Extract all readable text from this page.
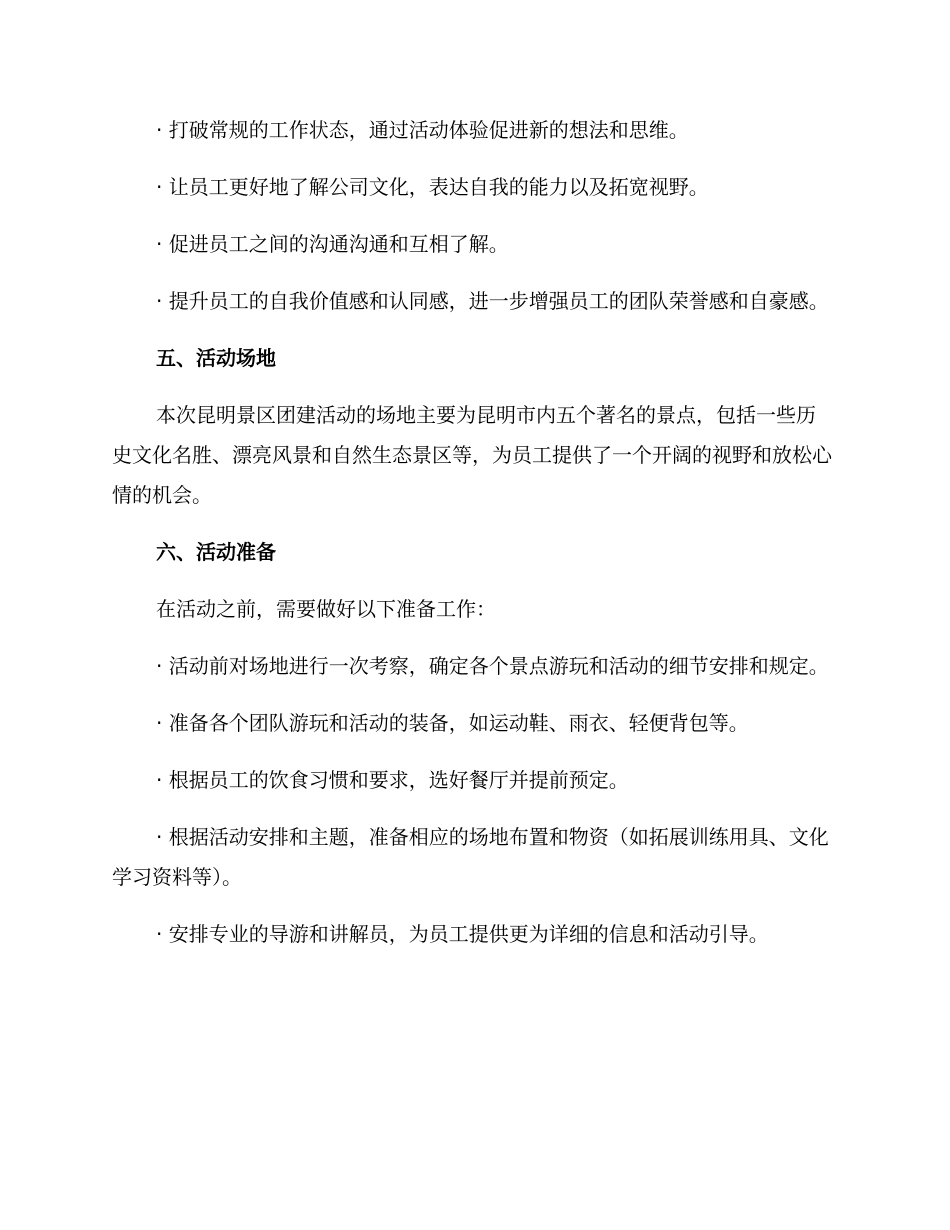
· 打破常规的工作状态，通过活动体验促进新的想法和思维。

· 让员工更好地了解公司文化，表达自我的能力以及拓宽视野。

· 促进员工之间的沟通沟通和互相了解。

· 提升员工的自我价值感和认同感，进一步增强员工的团队荣誉感和自豪感。

五、活动场地

本次昆明景区团建活动的场地主要为昆明市内五个著名的景点，包括一些历史文化名胜、漂亮风景和自然生态景区等，为员工提供了一个开阔的视野和放松心情的机会。

六、活动准备

在活动之前，需要做好以下准备工作：

· 活动前对场地进行一次考察，确定各个景点游玩和活动的细节安排和规定。

· 准备各个团队游玩和活动的装备，如运动鞋、雨衣、轻便背包等。

· 根据员工的饮食习惯和要求，选好餐厅并提前预定。

· 根据活动安排和主题，准备相应的场地布置和物资（如拓展训练用具、文化学习资料等）。

· 安排专业的导游和讲解员，为员工提供更为详细的信息和活动引导。
